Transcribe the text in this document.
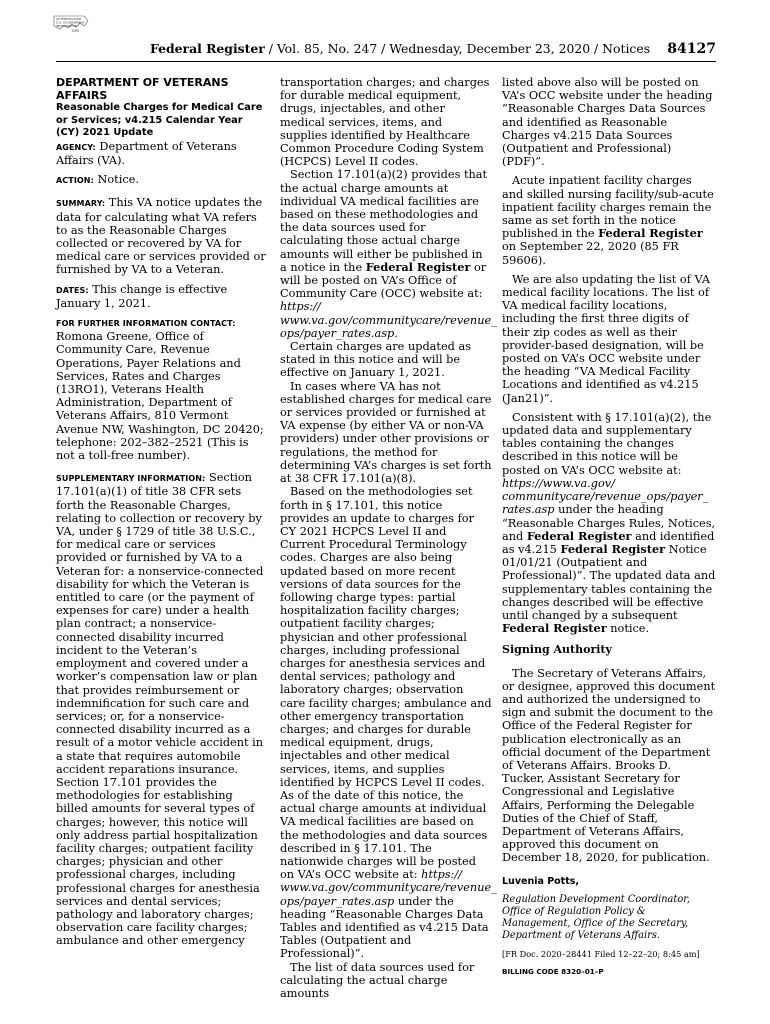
AUTHENTICATED
U.S. GOVERNMENT
INFORMATION
GPO
Federal Register / Vol. 85, No. 247 / Wednesday, December 23, 2020 / Notices 84127

DEPARTMENT OF VETERANS AFFAIRS

Reasonable Charges for Medical Care or Services; v4.215 Calendar Year (CY) 2021 Update

AGENCY: Department of Veterans Affairs (VA).

ACTION: Notice.

SUMMARY: This VA notice updates the data for calculating what VA refers to as the Reasonable Charges collected or recovered by VA for medical care or services provided or furnished by VA to a Veteran.

DATES: This change is effective January 1, 2021.

FOR FURTHER INFORMATION CONTACT:
Romona Greene, Office of Community Care, Revenue Operations, Payer Relations and Services, Rates and Charges (13RO1), Veterans Health Administration, Department of Veterans Affairs, 810 Vermont Avenue NW, Washington, DC 20420; telephone: 202–382–2521 (This is not a toll-free number).

SUPPLEMENTARY INFORMATION: Section 17.101(a)(1) of title 38 CFR sets forth the Reasonable Charges, relating to collection or recovery by VA, under § 1729 of title 38 U.S.C., for medical care or services provided or furnished by VA to a Veteran for: a nonservice-connected disability for which the Veteran is entitled to care (or the payment of expenses for care) under a health plan contract; a nonservice-connected disability incurred incident to the Veteran’s employment and covered under a worker’s compensation law or plan that provides reimbursement or indemnification for such care and services; or, for a nonservice-connected disability incurred as a result of a motor vehicle accident in a state that requires automobile accident reparations insurance. Section 17.101 provides the methodologies for establishing billed amounts for several types of charges; however, this notice will only address partial hospitalization facility charges; outpatient facility charges; physician and other professional charges, including professional charges for anesthesia services and dental services; pathology and laboratory charges; observation care facility charges; ambulance and other emergency

transportation charges; and charges for durable medical equipment, drugs, injectables, and other medical services, items, and supplies identified by Healthcare Common Procedure Coding System (HCPCS) Level II codes.

Section 17.101(a)(2) provides that the actual charge amounts at individual VA medical facilities are based on these methodologies and the data sources used for calculating those actual charge amounts will either be published in a notice in the Federal Register or will be posted on VA’s Office of Community Care (OCC) website at: https:// www.va.gov/communitycare/revenue_ ops/payer_rates.asp.

Certain charges are updated as stated in this notice and will be effective on January 1, 2021.

In cases where VA has not established charges for medical care or services provided or furnished at VA expense (by either VA or non-VA providers) under other provisions or regulations, the method for determining VA’s charges is set forth at 38 CFR 17.101(a)(8).

Based on the methodologies set forth in § 17.101, this notice provides an update to charges for CY 2021 HCPCS Level II and Current Procedural Terminology codes. Charges are also being updated based on more recent versions of data sources for the following charge types: partial hospitalization facility charges; outpatient facility charges; physician and other professional charges, including professional charges for anesthesia services and dental services; pathology and laboratory charges; observation care facility charges; ambulance and other emergency transportation charges; and charges for durable medical equipment, drugs, injectables and other medical services, items, and supplies identified by HCPCS Level II codes. As of the date of this notice, the actual charge amounts at individual VA medical facilities are based on the methodologies and data sources described in § 17.101. The nationwide charges will be posted on VA’s OCC website at: https:// www.va.gov/communitycare/revenue_ ops/payer_rates.asp under the heading “Reasonable Charges Data Tables and identified as v4.215 Data Tables (Outpatient and Professional)”.

The list of data sources used for calculating the actual charge amounts

listed above also will be posted on VA’s OCC website under the heading “Reasonable Charges Data Sources and identified as Reasonable Charges v4.215 Data Sources (Outpatient and Professional) (PDF)”.

Acute inpatient facility charges and skilled nursing facility/sub-acute inpatient facility charges remain the same as set forth in the notice published in the Federal Register on September 22, 2020 (85 FR 59606).

We are also updating the list of VA medical facility locations. The list of VA medical facility locations, including the first three digits of their zip codes as well as their provider-based designation, will be posted on VA’s OCC website under the heading “VA Medical Facility Locations and identified as v4.215 (Jan21)”.

Consistent with § 17.101(a)(2), the updated data and supplementary tables containing the changes described in this notice will be posted on VA’s OCC website at: https://www.va.gov/ communitycare/revenue_ops/payer_ rates.asp under the heading “Reasonable Charges Rules, Notices, and Federal Register and identified as v4.215 Federal Register Notice 01/01/21 (Outpatient and Professional)”. The updated data and supplementary tables containing the changes described will be effective until changed by a subsequent Federal Register notice.

Signing Authority

The Secretary of Veterans Affairs, or designee, approved this document and authorized the undersigned to sign and submit the document to the Office of the Federal Register for publication electronically as an official document of the Department of Veterans Affairs. Brooks D. Tucker, Assistant Secretary for Congressional and Legislative Affairs, Performing the Delegable Duties of the Chief of Staff, Department of Veterans Affairs, approved this document on December 18, 2020, for publication.

Luvenia Potts,

Regulation Development Coordinator, Office of Regulation Policy & Management, Office of the Secretary, Department of Veterans Affairs.

[FR Doc. 2020–28441 Filed 12–22–20; 8:45 am]

BILLING CODE 8320–01–P
